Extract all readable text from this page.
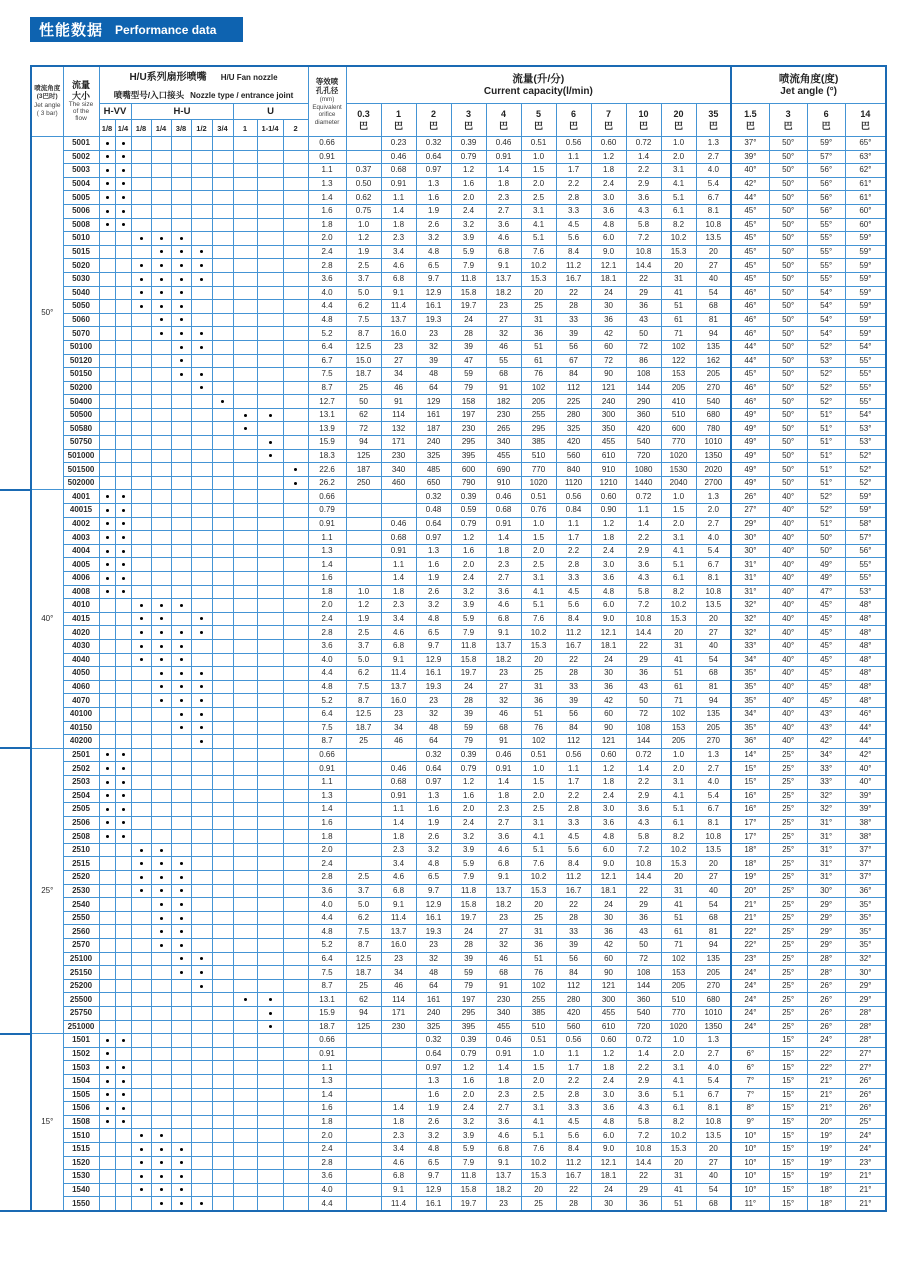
性能数据 Performance data
喷流角度
(3巴时)
Jet angle
( 3 bar)	
流量
大小
The size
of the
flow

H/U系列扇形喷嘴 H/U Fan nozzle
喷嘴型号/入口接头 Nozzle type / entrance joint
	等效喷
孔孔径
(mm)
Equivalent
orifice
diameter	
流量(升/分)
Current capacity(l/min)

喷流角度(度)
Jet angle (°)

		H-VV		H-U					U				0.3
巴	1
巴	2
巴	3
巴	4
巴	5
巴	6
巴	7
巴	10
巴	20
巴	35
巴	1.5
巴	3
巴	6
巴	14
巴
		1/8	1/4	1/8	1/4	3/8	1/2	3/4	1	1-1/4	2																
50°	5001											0.66		0.23	0.32	0.39	0.46	0.51	0.56	0.60	0.72	1.0	1.3	37°	50°	59°	65°
	5002											0.91		0.46	0.64	0.79	0.91	1.0	1.1	1.2	1.4	2.0	2.7	39°	50°	57°	63°
	5003											1.1	0.37	0.68	0.97	1.2	1.4	1.5	1.7	1.8	2.2	3.1	4.0	40°	50°	56°	62°
	5004											1.3	0.50	0.91	1.3	1.6	1.8	2.0	2.2	2.4	2.9	4.1	5.4	42°	50°	56°	61°
	5005											1.4	0.62	1.1	1.6	2.0	2.3	2.5	2.8	3.0	3.6	5.1	6.7	44°	50°	56°	61°
	5006											1.6	0.75	1.4	1.9	2.4	2.7	3.1	3.3	3.6	4.3	6.1	8.1	45°	50°	56°	60°
	5008											1.8	1.0	1.8	2.6	3.2	3.6	4.1	4.5	4.8	5.8	8.2	10.8	45°	50°	55°	60°
	5010											2.0	1.2	2.3	3.2	3.9	4.6	5.1	5.6	6.0	7.2	10.2	13.5	45°	50°	55°	59°
	5015											2.4	1.9	3.4	4.8	5.9	6.8	7.6	8.4	9.0	10.8	15.3	20	45°	50°	55°	59°
	5020											2.8	2.5	4.6	6.5	7.9	9.1	10.2	11.2	12.1	14.4	20	27	45°	50°	55°	59°
	5030											3.6	3.7	6.8	9.7	11.8	13.7	15.3	16.7	18.1	22	31	40	45°	50°	55°	59°
	5040											4.0	5.0	9.1	12.9	15.8	18.2	20	22	24	29	41	54	46°	50°	54°	59°
	5050											4.4	6.2	11.4	16.1	19.7	23	25	28	30	36	51	68	46°	50°	54°	59°
	5060											4.8	7.5	13.7	19.3	24	27	31	33	36	43	61	81	46°	50°	54°	59°
	5070											5.2	8.7	16.0	23	28	32	36	39	42	50	71	94	46°	50°	54°	59°
	50100											6.4	12.5	23	32	39	46	51	56	60	72	102	135	44°	50°	52°	54°
	50120											6.7	15.0	27	39	47	55	61	67	72	86	122	162	44°	50°	53°	55°
	50150											7.5	18.7	34	48	59	68	76	84	90	108	153	205	45°	50°	52°	55°
	50200											8.7	25	46	64	79	91	102	112	121	144	205	270	46°	50°	52°	55°
	50400											12.7	50	91	129	158	182	205	225	240	290	410	540	46°	50°	52°	55°
	50500											13.1	62	114	161	197	230	255	280	300	360	510	680	49°	50°	51°	54°
	50580											13.9	72	132	187	230	265	295	325	350	420	600	780	49°	50°	51°	53°
	50750											15.9	94	171	240	295	340	385	420	455	540	770	1010	49°	50°	51°	53°
	501000											18.3	125	230	325	395	455	510	560	610	720	1020	1350	49°	50°	51°	52°
	501500											22.6	187	340	485	600	690	770	840	910	1080	1530	2020	49°	50°	51°	52°
	502000											26.2	250	460	650	790	910	1020	1120	1210	1440	2040	2700	49°	50°	51°	52°
40°	4001											0.66			0.32	0.39	0.46	0.51	0.56	0.60	0.72	1.0	1.3	26°	40°	52°	59°
	40015											0.79			0.48	0.59	0.68	0.76	0.84	0.90	1.1	1.5	2.0	27°	40°	52°	59°
	4002											0.91		0.46	0.64	0.79	0.91	1.0	1.1	1.2	1.4	2.0	2.7	29°	40°	51°	58°
	4003											1.1		0.68	0.97	1.2	1.4	1.5	1.7	1.8	2.2	3.1	4.0	30°	40°	50°	57°
	4004											1.3		0.91	1.3	1.6	1.8	2.0	2.2	2.4	2.9	4.1	5.4	30°	40°	50°	56°
	4005											1.4		1.1	1.6	2.0	2.3	2.5	2.8	3.0	3.6	5.1	6.7	31°	40°	49°	55°
	4006											1.6		1.4	1.9	2.4	2.7	3.1	3.3	3.6	4.3	6.1	8.1	31°	40°	49°	55°
	4008											1.8	1.0	1.8	2.6	3.2	3.6	4.1	4.5	4.8	5.8	8.2	10.8	31°	40°	47°	53°
	4010											2.0	1.2	2.3	3.2	3.9	4.6	5.1	5.6	6.0	7.2	10.2	13.5	32°	40°	45°	48°
	4015											2.4	1.9	3.4	4.8	5.9	6.8	7.6	8.4	9.0	10.8	15.3	20	32°	40°	45°	48°
	4020											2.8	2.5	4.6	6.5	7.9	9.1	10.2	11.2	12.1	14.4	20	27	32°	40°	45°	48°
	4030											3.6	3.7	6.8	9.7	11.8	13.7	15.3	16.7	18.1	22	31	40	33°	40°	45°	48°
	4040											4.0	5.0	9.1	12.9	15.8	18.2	20	22	24	29	41	54	34°	40°	45°	48°
	4050											4.4	6.2	11.4	16.1	19.7	23	25	28	30	36	51	68	35°	40°	45°	48°
	4060											4.8	7.5	13.7	19.3	24	27	31	33	36	43	61	81	35°	40°	45°	48°
	4070											5.2	8.7	16.0	23	28	32	36	39	42	50	71	94	35°	40°	45°	48°
	40100											6.4	12.5	23	32	39	46	51	56	60	72	102	135	34°	40°	43°	46°
	40150											7.5	18.7	34	48	59	68	76	84	90	108	153	205	35°	40°	43°	44°
	40200											8.7	25	46	64	79	91	102	112	121	144	205	270	36°	40°	42°	44°
25°	2501											0.66			0.32	0.39	0.46	0.51	0.56	0.60	0.72	1.0	1.3	14°	25°	34°	42°
	2502											0.91		0.46	0.64	0.79	0.91	1.0	1.1	1.2	1.4	2.0	2.7	15°	25°	33°	40°
	2503											1.1		0.68	0.97	1.2	1.4	1.5	1.7	1.8	2.2	3.1	4.0	15°	25°	33°	40°
	2504											1.3		0.91	1.3	1.6	1.8	2.0	2.2	2.4	2.9	4.1	5.4	16°	25°	32°	39°
	2505											1.4		1.1	1.6	2.0	2.3	2.5	2.8	3.0	3.6	5.1	6.7	16°	25°	32°	39°
	2506											1.6		1.4	1.9	2.4	2.7	3.1	3.3	3.6	4.3	6.1	8.1	17°	25°	31°	38°
	2508											1.8		1.8	2.6	3.2	3.6	4.1	4.5	4.8	5.8	8.2	10.8	17°	25°	31°	38°
	2510											2.0		2.3	3.2	3.9	4.6	5.1	5.6	6.0	7.2	10.2	13.5	18°	25°	31°	37°
	2515											2.4		3.4	4.8	5.9	6.8	7.6	8.4	9.0	10.8	15.3	20	18°	25°	31°	37°
	2520											2.8	2.5	4.6	6.5	7.9	9.1	10.2	11.2	12.1	14.4	20	27	19°	25°	31°	37°
	2530											3.6	3.7	6.8	9.7	11.8	13.7	15.3	16.7	18.1	22	31	40	20°	25°	30°	36°
	2540											4.0	5.0	9.1	12.9	15.8	18.2	20	22	24	29	41	54	21°	25°	29°	35°
	2550											4.4	6.2	11.4	16.1	19.7	23	25	28	30	36	51	68	21°	25°	29°	35°
	2560											4.8	7.5	13.7	19.3	24	27	31	33	36	43	61	81	22°	25°	29°	35°
	2570											5.2	8.7	16.0	23	28	32	36	39	42	50	71	94	22°	25°	29°	35°
	25100											6.4	12.5	23	32	39	46	51	56	60	72	102	135	23°	25°	28°	32°
	25150											7.5	18.7	34	48	59	68	76	84	90	108	153	205	24°	25°	28°	30°
	25200											8.7	25	46	64	79	91	102	112	121	144	205	270	24°	25°	26°	29°
	25500											13.1	62	114	161	197	230	255	280	300	360	510	680	24°	25°	26°	29°
	25750											15.9	94	171	240	295	340	385	420	455	540	770	1010	24°	25°	26°	28°
	251000											18.7	125	230	325	395	455	510	560	610	720	1020	1350	24°	25°	26°	28°
15°	1501											0.66			0.32	0.39	0.46	0.51	0.56	0.60	0.72	1.0	1.3		15°	24°	28°
	1502											0.91			0.64	0.79	0.91	1.0	1.1	1.2	1.4	2.0	2.7	6°	15°	22°	27°
	1503											1.1			0.97	1.2	1.4	1.5	1.7	1.8	2.2	3.1	4.0	6°	15°	22°	27°
	1504											1.3			1.3	1.6	1.8	2.0	2.2	2.4	2.9	4.1	5.4	7°	15°	21°	26°
	1505											1.4			1.6	2.0	2.3	2.5	2.8	3.0	3.6	5.1	6.7	7°	15°	21°	26°
	1506											1.6		1.4	1.9	2.4	2.7	3.1	3.3	3.6	4.3	6.1	8.1	8°	15°	21°	26°
	1508											1.8		1.8	2.6	3.2	3.6	4.1	4.5	4.8	5.8	8.2	10.8	9°	15°	20°	25°
	1510											2.0		2.3	3.2	3.9	4.6	5.1	5.6	6.0	7.2	10.2	13.5	10°	15°	19°	24°
	1515											2.4		3.4	4.8	5.9	6.8	7.6	8.4	9.0	10.8	15.3	20	10°	15°	19°	24°
	1520											2.8		4.6	6.5	7.9	9.1	10.2	11.2	12.1	14.4	20	27	10°	15°	19°	23°
	1530											3.6		6.8	9.7	11.8	13.7	15.3	16.7	18.1	22	31	40	10°	15°	19°	21°
	1540											4.0		9.1	12.9	15.8	18.2	20	22	24	29	41	54	10°	15°	18°	21°
	1550											4.4		11.4	16.1	19.7	23	25	28	30	36	51	68	11°	15°	18°	21°
